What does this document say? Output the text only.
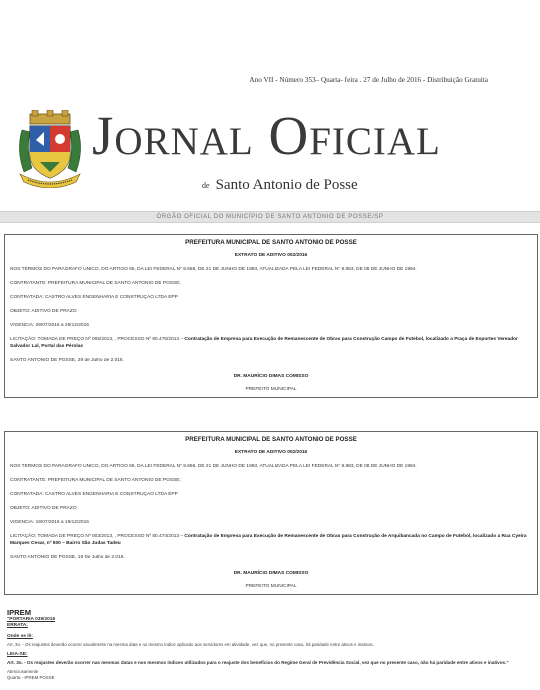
Ano VII - Número 353– Quarta- feira . 27 de Julho de 2016 - Distribuição Gratuita
Jornal Oficial
de Santo Antonio de Posse
ÓRGÃO OFICIAL DO MUNICÍPIO DE SANTO ANTONIO DE POSSE/SP
PREFEITURA MUNICIPAL DE SANTO ANTONIO DE POSSE
EXTRATO DE ADITIVO 002/2016
NOS TERMOS DO PARÁGRAFO ÚNICO, DO ARTIGO 65, DA LEI FEDERAL Nº 8.666, DE 21 DE JUNHO DE 1993, ATUALIZADA PELA LEI FEDERAL Nº 8.883, DE 08 DE JUNHO DE 1994.
CONTRATANTE: PREFEITURA MUNICIPAL DE SANTO ANTONIO DE POSSE;
CONTRATADA: CASTRO ALVES ENGENHARIA E CONSTRUÇÃO LTDA EPP
OBJETO: ADITIVO DE PRAZO
VIGÊNCIA: 29/07/2016 à 29/12/2016
LICITAÇÃO: TOMADA DE PREÇO Nº 005/2013, , PROCESSO Nº 80.476/2013 – Contratação de Empresa para Execução de Remanescente de Obras para Construção Campo de Futebol, localizado a Praça de Esportes Vereador Salvador Lal, Portal das Pérolas
SANTO ANTONIO DE POSSE, 29 de Julho de 2.016.
DR. MAURÍCIO DIMAS COMISSO
PREFEITO MUNICIPAL
PREFEITURA MUNICIPAL DE SANTO ANTONIO DE POSSE
EXTRATO DE ADITIVO 002/2016
NOS TERMOS DO PARÁGRAFO ÚNICO, DO ARTIGO 65, DA LEI FEDERAL Nº 8.666, DE 21 DE JUNHO DE 1993, ATUALIZADA PELA LEI FEDERAL Nº 8.883, DE 08 DE JUNHO DE 1994.
CONTRATANTE: PREFEITURA MUNICIPAL DE SANTO ANTONIO DE POSSE;
CONTRATADA: CASTRO ALVES ENGENHARIA E CONSTRUÇÃO LTDA EPP
OBJETO: ADITIVO DE PRAZO
VIGÊNCIA: 19/07/2016 à 19/12/2016
LICITAÇÃO: TOMADA DE PREÇO Nº 003/2013, , PROCESSO Nº 80.474/2013 – Contratação de Empresa para Execução de Remanescente de Obras para Construção de Arquibancada no Campo de Futebol, localizado a Rua Cyeira Marques Cesar, nº 500 – Bairro São Judas Tadeu
SANTO ANTONIO DE POSSE, 19 De Julho de 2.016.
DR. MAURÍCIO DIMAS COMISSO
PREFEITO MUNICIPAL
IPREM
"PORTARIA 039/2016
ERRATA:
Onde se lê:
Art. 3o. - Os reajustes deverão ocorrer anualmente na mesma data e no mesmo índice aplicado aos servidores em atividade, vez que, no presente caso, há paridade entre ativos e inativos.
LEIA-SE:
Art. 3o. - Os reajustes deverão ocorrer nas mesmas datas e nos mesmos índices utilizados para o reajuste dos benefícios do Regime Geral de Previdência Social, vez que no presente caso, não há paridade entre ativos e inativos."
Atenciosamente
Quarta - IPREM POSSE
